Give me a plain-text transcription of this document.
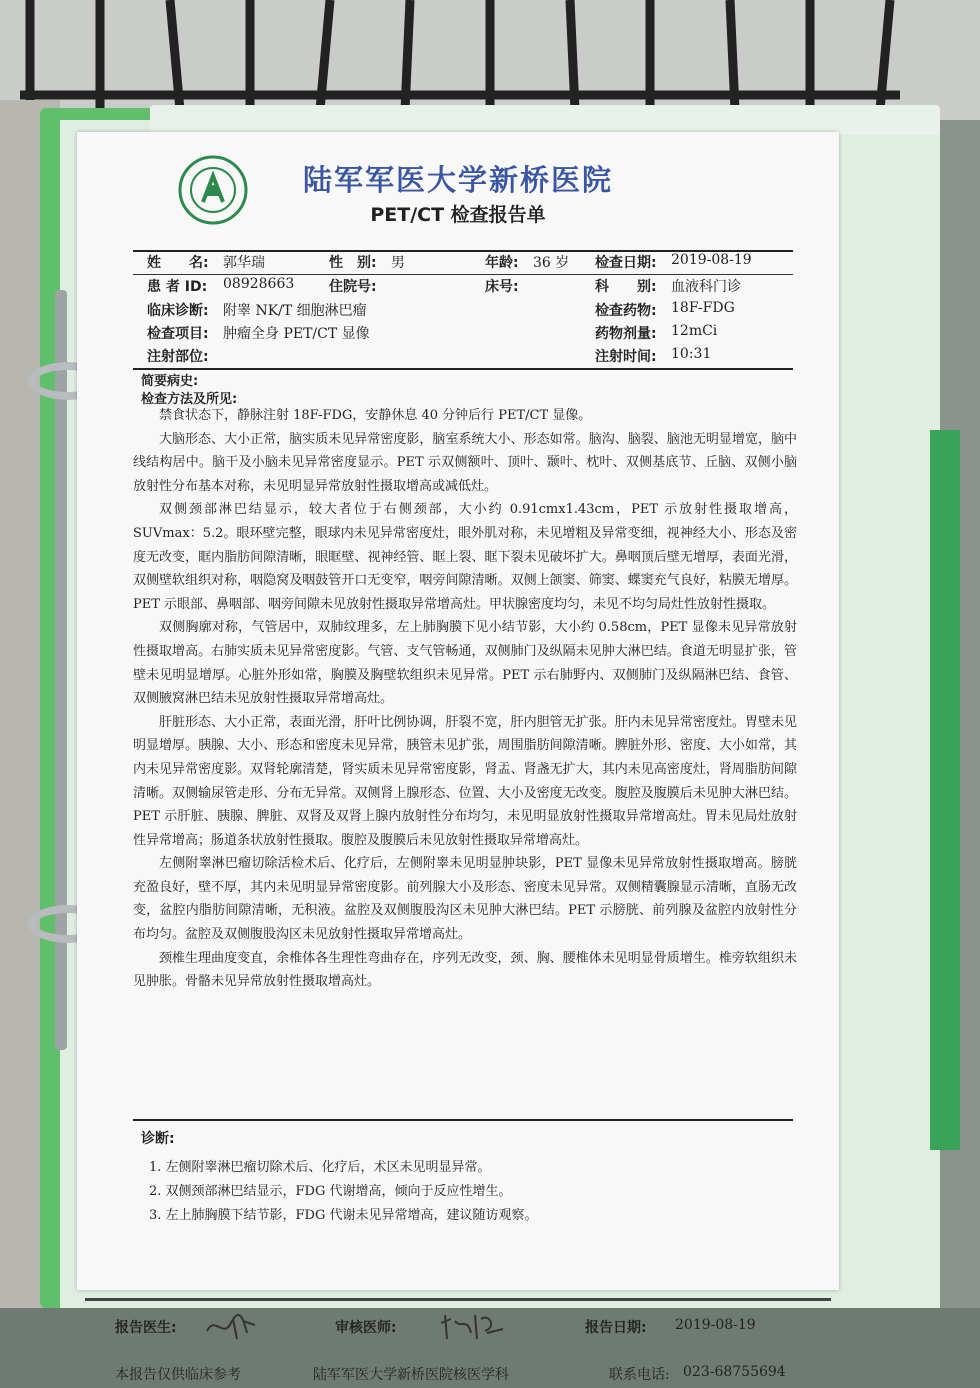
陆军军医大学新桥医院
PET/CT 检查报告单
姓　　名: 郭华瑞	性　别: 男	年龄: 36 岁 检查日期: 2019-08-19
患 者 ID: 08928663 住院号:	床号:	科　　别: 血液科门诊
临床诊断: 附睾 NK/T 细胞淋巴瘤	检查药物: 18F-FDG
检查项目: 肿瘤全身 PET/CT 显像	药物剂量: 12mCi
注射部位:	注射时间: 10:31
简要病史:
检查方法及所见:

禁食状态下，静脉注射 18F-FDG，安静休息 40 分钟后行 PET/CT 显像。

大脑形态、大小正常，脑实质未见异常密度影，脑室系统大小、形态如常。脑沟、脑裂、脑池无明显增宽，脑中线结构居中。脑干及小脑未见异常密度显示。PET 示双侧额叶、顶叶、颞叶、枕叶、双侧基底节、丘脑、双侧小脑放射性分布基本对称，未见明显异常放射性摄取增高或减低灶。

双侧颈部淋巴结显示，较大者位于右侧颈部，大小约 0.91cmx1.43cm，PET 示放射性摄取增高，SUVmax：5.2。眼环壁完整，眼球内未见异常密度灶，眼外肌对称，未见增粗及异常变细，视神经大小、形态及密度无改变，眶内脂肪间隙清晰，眼眶壁、视神经管、眶上裂、眶下裂未见破坏扩大。鼻咽顶后壁无增厚，表面光滑，双侧壁软组织对称，咽隐窝及咽鼓管开口无变窄，咽旁间隙清晰。双侧上颌窦、筛窦、蝶窦充气良好，粘膜无增厚。PET 示眼部、鼻咽部、咽旁间隙未见放射性摄取异常增高灶。甲状腺密度均匀，未见不均匀局灶性放射性摄取。

双侧胸廓对称，气管居中，双肺纹理多，左上肺胸膜下见小结节影，大小约 0.58cm，PET 显像未见异常放射性摄取增高。右肺实质未见异常密度影。气管、支气管畅通，双侧肺门及纵隔未见肿大淋巴结。食道无明显扩张，管壁未见明显增厚。心脏外形如常，胸膜及胸壁软组织未见异常。PET 示右肺野内、双侧肺门及纵隔淋巴结、食管、双侧腋窝淋巴结未见放射性摄取异常增高灶。

肝脏形态、大小正常，表面光滑，肝叶比例协调，肝裂不宽，肝内胆管无扩张。肝内未见异常密度灶。胃壁未见明显增厚。胰腺、大小、形态和密度未见异常，胰管未见扩张，周围脂肪间隙清晰。脾脏外形、密度、大小如常，其内未见异常密度影。双肾轮廓清楚，肾实质未见异常密度影，肾盂、肾盏无扩大，其内未见高密度灶，肾周脂肪间隙清晰。双侧输尿管走形、分布无异常。双侧肾上腺形态、位置、大小及密度无改变。腹腔及腹膜后未见肿大淋巴结。PET 示肝脏、胰腺、脾脏、双肾及双肾上腺内放射性分布均匀，未见明显放射性摄取异常增高灶。胃未见局灶放射性异常增高；肠道条状放射性摄取。腹腔及腹膜后未见放射性摄取异常增高灶。

左侧附睾淋巴瘤切除活检术后、化疗后，左侧附睾未见明显肿块影，PET 显像未见异常放射性摄取增高。膀胱充盈良好，壁不厚，其内未见明显异常密度影。前列腺大小及形态、密度未见异常。双侧精囊腺显示清晰，直肠无改变，盆腔内脂肪间隙清晰，无积液。盆腔及双侧腹股沟区未见肿大淋巴结。PET 示膀胱、前列腺及盆腔内放射性分布均匀。盆腔及双侧腹股沟区未见放射性摄取异常增高灶。

颈椎生理曲度变直，余椎体各生理性弯曲存在，序列无改变，颈、胸、腰椎体未见明显骨质增生。椎旁软组织未见肿胀。骨骼未见异常放射性摄取增高灶。

诊断:
1. 左侧附睾淋巴瘤切除术后、化疗后，术区未见明显异常。
2. 双侧颈部淋巴结显示，FDG 代谢增高，倾向于反应性增生。
3. 左上肺胸膜下结节影，FDG 代谢未见异常增高，建议随访观察。
报告医生:	审核医师:	报告日期: 2019-08-19
本报告仅供临床参考	陆军军医大学新桥医院核医学科	联系电话: 023-68755694
